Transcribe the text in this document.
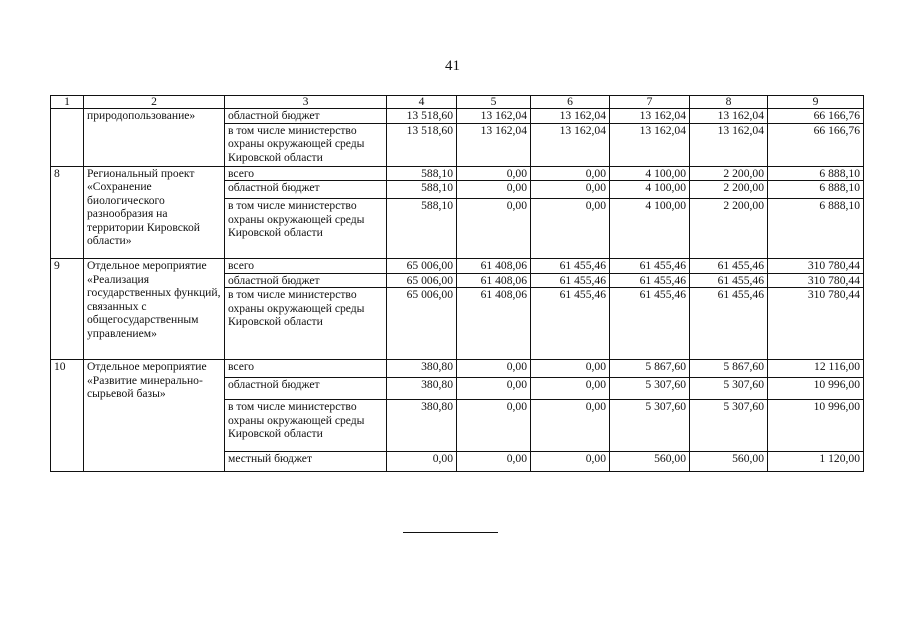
41
1	2	3	4	5	6	7	8	9
	природопользование»	областной бюджет	13 518,60	13 162,04	13 162,04	13 162,04	13 162,04	66 166,76
		в том числе министерство охраны окружающей среды Кировской области	13 518,60	13 162,04	13 162,04	13 162,04	13 162,04	66 166,76
8	Региональный проект «Сохранение биологического разнообразия на территории Кировской области»	всего	588,10	0,00	0,00	4 100,00	2 200,00	6 888,10
		областной бюджет	588,10	0,00	0,00	4 100,00	2 200,00	6 888,10
		в том числе министерство охраны окружающей среды Кировской области	588,10	0,00	0,00	4 100,00	2 200,00	6 888,10
9	Отдельное мероприятие «Реализация государственных функций, связанных с общегосударственным управлением»	всего	65 006,00	61 408,06	61 455,46	61 455,46	61 455,46	310 780,44
		областной бюджет	65 006,00	61 408,06	61 455,46	61 455,46	61 455,46	310 780,44
		в том числе министерство охраны окружающей среды Кировской области	65 006,00	61 408,06	61 455,46	61 455,46	61 455,46	310 780,44
10	Отдельное мероприятие «Развитие минерально-сырьевой базы»	всего	380,80	0,00	0,00	5 867,60	5 867,60	12 116,00
		областной бюджет	380,80	0,00	0,00	5 307,60	5 307,60	10 996,00
		в том числе министерство охраны окружающей среды Кировской области	380,80	0,00	0,00	5 307,60	5 307,60	10 996,00
		местный бюджет	0,00	0,00	0,00	560,00	560,00	1 120,00
